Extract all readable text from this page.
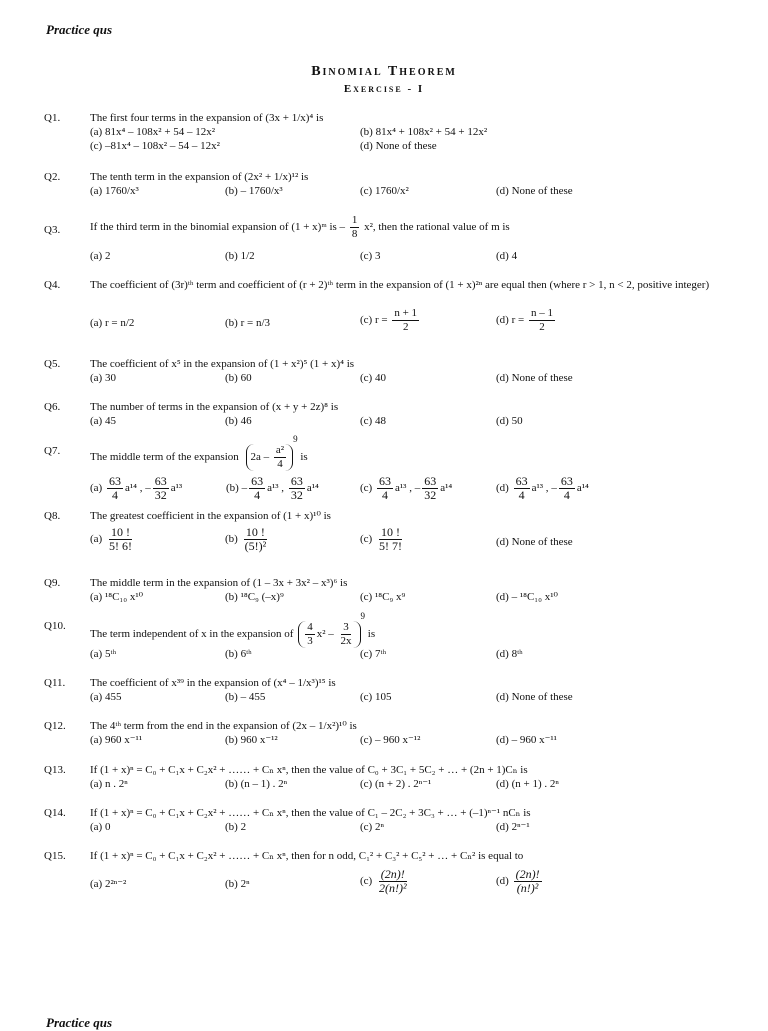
Practice qus
Binomial Theorem
Exercise - I
Q1.	The first four terms in the expansion of (3x + 1/x)⁴ is
(a) 81x⁴ – 108x² + 54 – 12x²	(b) 81x⁴ + 108x² + 54 + 12x²
(c) –81x⁴ – 108x² – 54 – 12x²	(d) None of these
Q2.	The tenth term in the expansion of (2x² + 1/x)¹² is
(a) 1760/x³	(b) – 1760/x³	(c) 1760/x²	(d) None of these
Q3.	If the third term in the binomial expansion of (1 + x)ᵐ is – $\frac{1}{8} x^2$, then the rational value of m is
(a) 2	(b) 1/2	(c) 3	(d) 4
Q4.	The coefficient of (3r)ᵗʰ term and coefficient of (r + 2)ᵗʰ term in the expansion of (1 + x)²ⁿ are equal then (where r > 1, n < 2, positive integer)
(a) r = n/2	(b) r = n/3	(c) $r = \frac{n + 1}{2}$	(d) $r = \frac{n - 1}{2}$
Q5.	The coefficient of x⁵ in the expansion of (1 + x²)⁵ (1 + x)⁴ is
(a) 30	(b) 60	(c) 40	(d) None of these
Q6.	The number of terms in the expansion of (x + y + 2z)⁸ is
(a) 45	(b) 46	(c) 48	(d) 50
Q7.	The middle term of the expansion $2a - \frac{\text{a²}}{4}$
$^9$ is
$(a) \frac{63}{4} a^{14}$ , – $\frac{63}{32} a^{13}$	$(b) - \frac{63}{4} a^{13}$ , $\frac{63}{32} a^{14}$	$(c) \frac{63}{4} a^{13}$ , – $\frac{63}{32} a^{14}$	$(d) \frac{63}{4} a^{13}$ , – $\frac{63}{4} a^{14}$
Q8.	The greatest coefficient in the expansion of (1 + x)¹⁰ is
$(a) \frac{10 !}{5! 6!}$	$(b) \frac{10 !}{\text{(5!)²}}$	$(c) \frac{10 !}{5! 7!}$	(d) None of these
Q9.	The middle term in the expansion of (1 – 3x + 3x² – x³)⁶ is
(a) ¹⁸C₁₀ x¹⁰	(b) ¹⁸C₉ (–x)⁹	(c) ¹⁸C₉ x⁹	(d) – ¹⁸C₁₀ x¹⁰
Q10.
The term independent of x in the expansion of $\frac{4}{3} x^2 - \frac{3}{2x}$
$^9$ is
(a) 5ᵗʰ	(b) 6ᵗʰ	(c) 7ᵗʰ	(d) 8ᵗʰ
Q11. The coefficient of x³⁹ in the expansion of (x⁴ – 1/x³)¹⁵ is
(a) 455	(b) – 455	(c) 105	(d) None of these
Q12. The 4ᵗʰ term from the end in the expansion of (2x – 1/x²)¹⁰ is
(a) 960 x⁻¹¹	(b) 960 x⁻¹²	(c) – 960 x⁻¹²	(d) – 960 x⁻¹¹
Q13. If (1 + x)ⁿ = C₀ + C₁x + C₂x² + …… + Cₙ xⁿ, then the value of C₀ + 3C₁ + 5C₂ + … + (2n + 1)Cₙ is
(a) n . 2ⁿ	(b) (n – 1) . 2ⁿ	(c) (n + 2) . 2ⁿ⁻¹	(d) (n + 1) . 2ⁿ
Q14. If (1 + x)ⁿ = C₀ + C₁x + C₂x² + …… + Cₙ xⁿ, then the value of C₁ – 2C₂ + 3C₃ + … + (–1)ⁿ⁻¹ nCₙ is
(a) 0	(b) 2	(c) 2ⁿ	(d) 2ⁿ⁻¹
Q15. If (1 + x)ⁿ = C₀ + C₁x + C₂x² + …… + Cₙ xⁿ, then for n odd, C₁² + C₃² + C₅² + … + Cₙ² is equal to
(a) 2²ⁿ⁻²	(b) 2ⁿ	$(c) \frac{(2n)!}{\text{2(n!)²}}$	$(d) \frac{(2n)!}{\text{(n!)²}}$
Practice qus
